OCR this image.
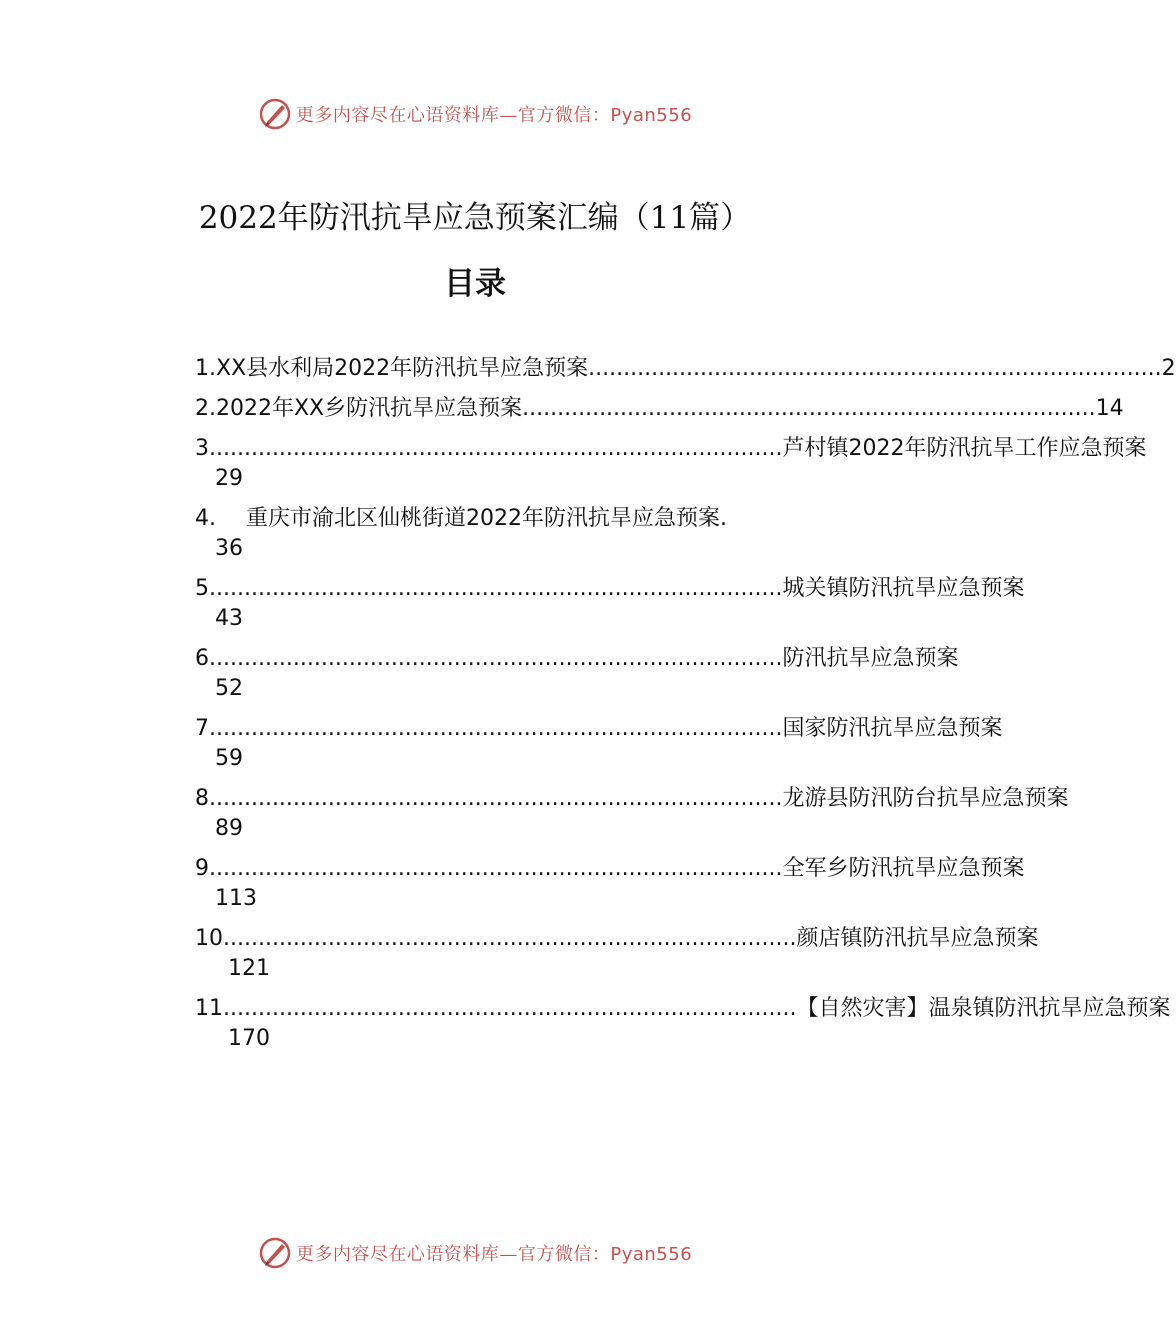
更多内容尽在心语资料库—官方微信：Pyan556
2022年防汛抗旱应急预案汇编（11篇）
目录
1. XX县水利局2022年防汛抗旱应急预案 .................................................................................. 2
2. 2022年XX乡防汛抗旱应急预案 .................................................................................. 14
3 .................................................................................. 芦村镇2022年防汛抗旱工作应急预案
29
4. 重庆市渝北区仙桃街道2022年防汛抗旱应急预案.
36
5 .................................................................................. 城关镇防汛抗旱应急预案
43
6 .................................................................................. 防汛抗旱应急预案
52
7 .................................................................................. 国家防汛抗旱应急预案
59
8 .................................................................................. 龙游县防汛防台抗旱应急预案
89
9 .................................................................................. 全军乡防汛抗旱应急预案
113
10 .................................................................................. 颜店镇防汛抗旱应急预案
121
11 .................................................................................. 【自然灾害】温泉镇防汛抗旱应急预案
170
更多内容尽在心语资料库—官方微信：Pyan556
